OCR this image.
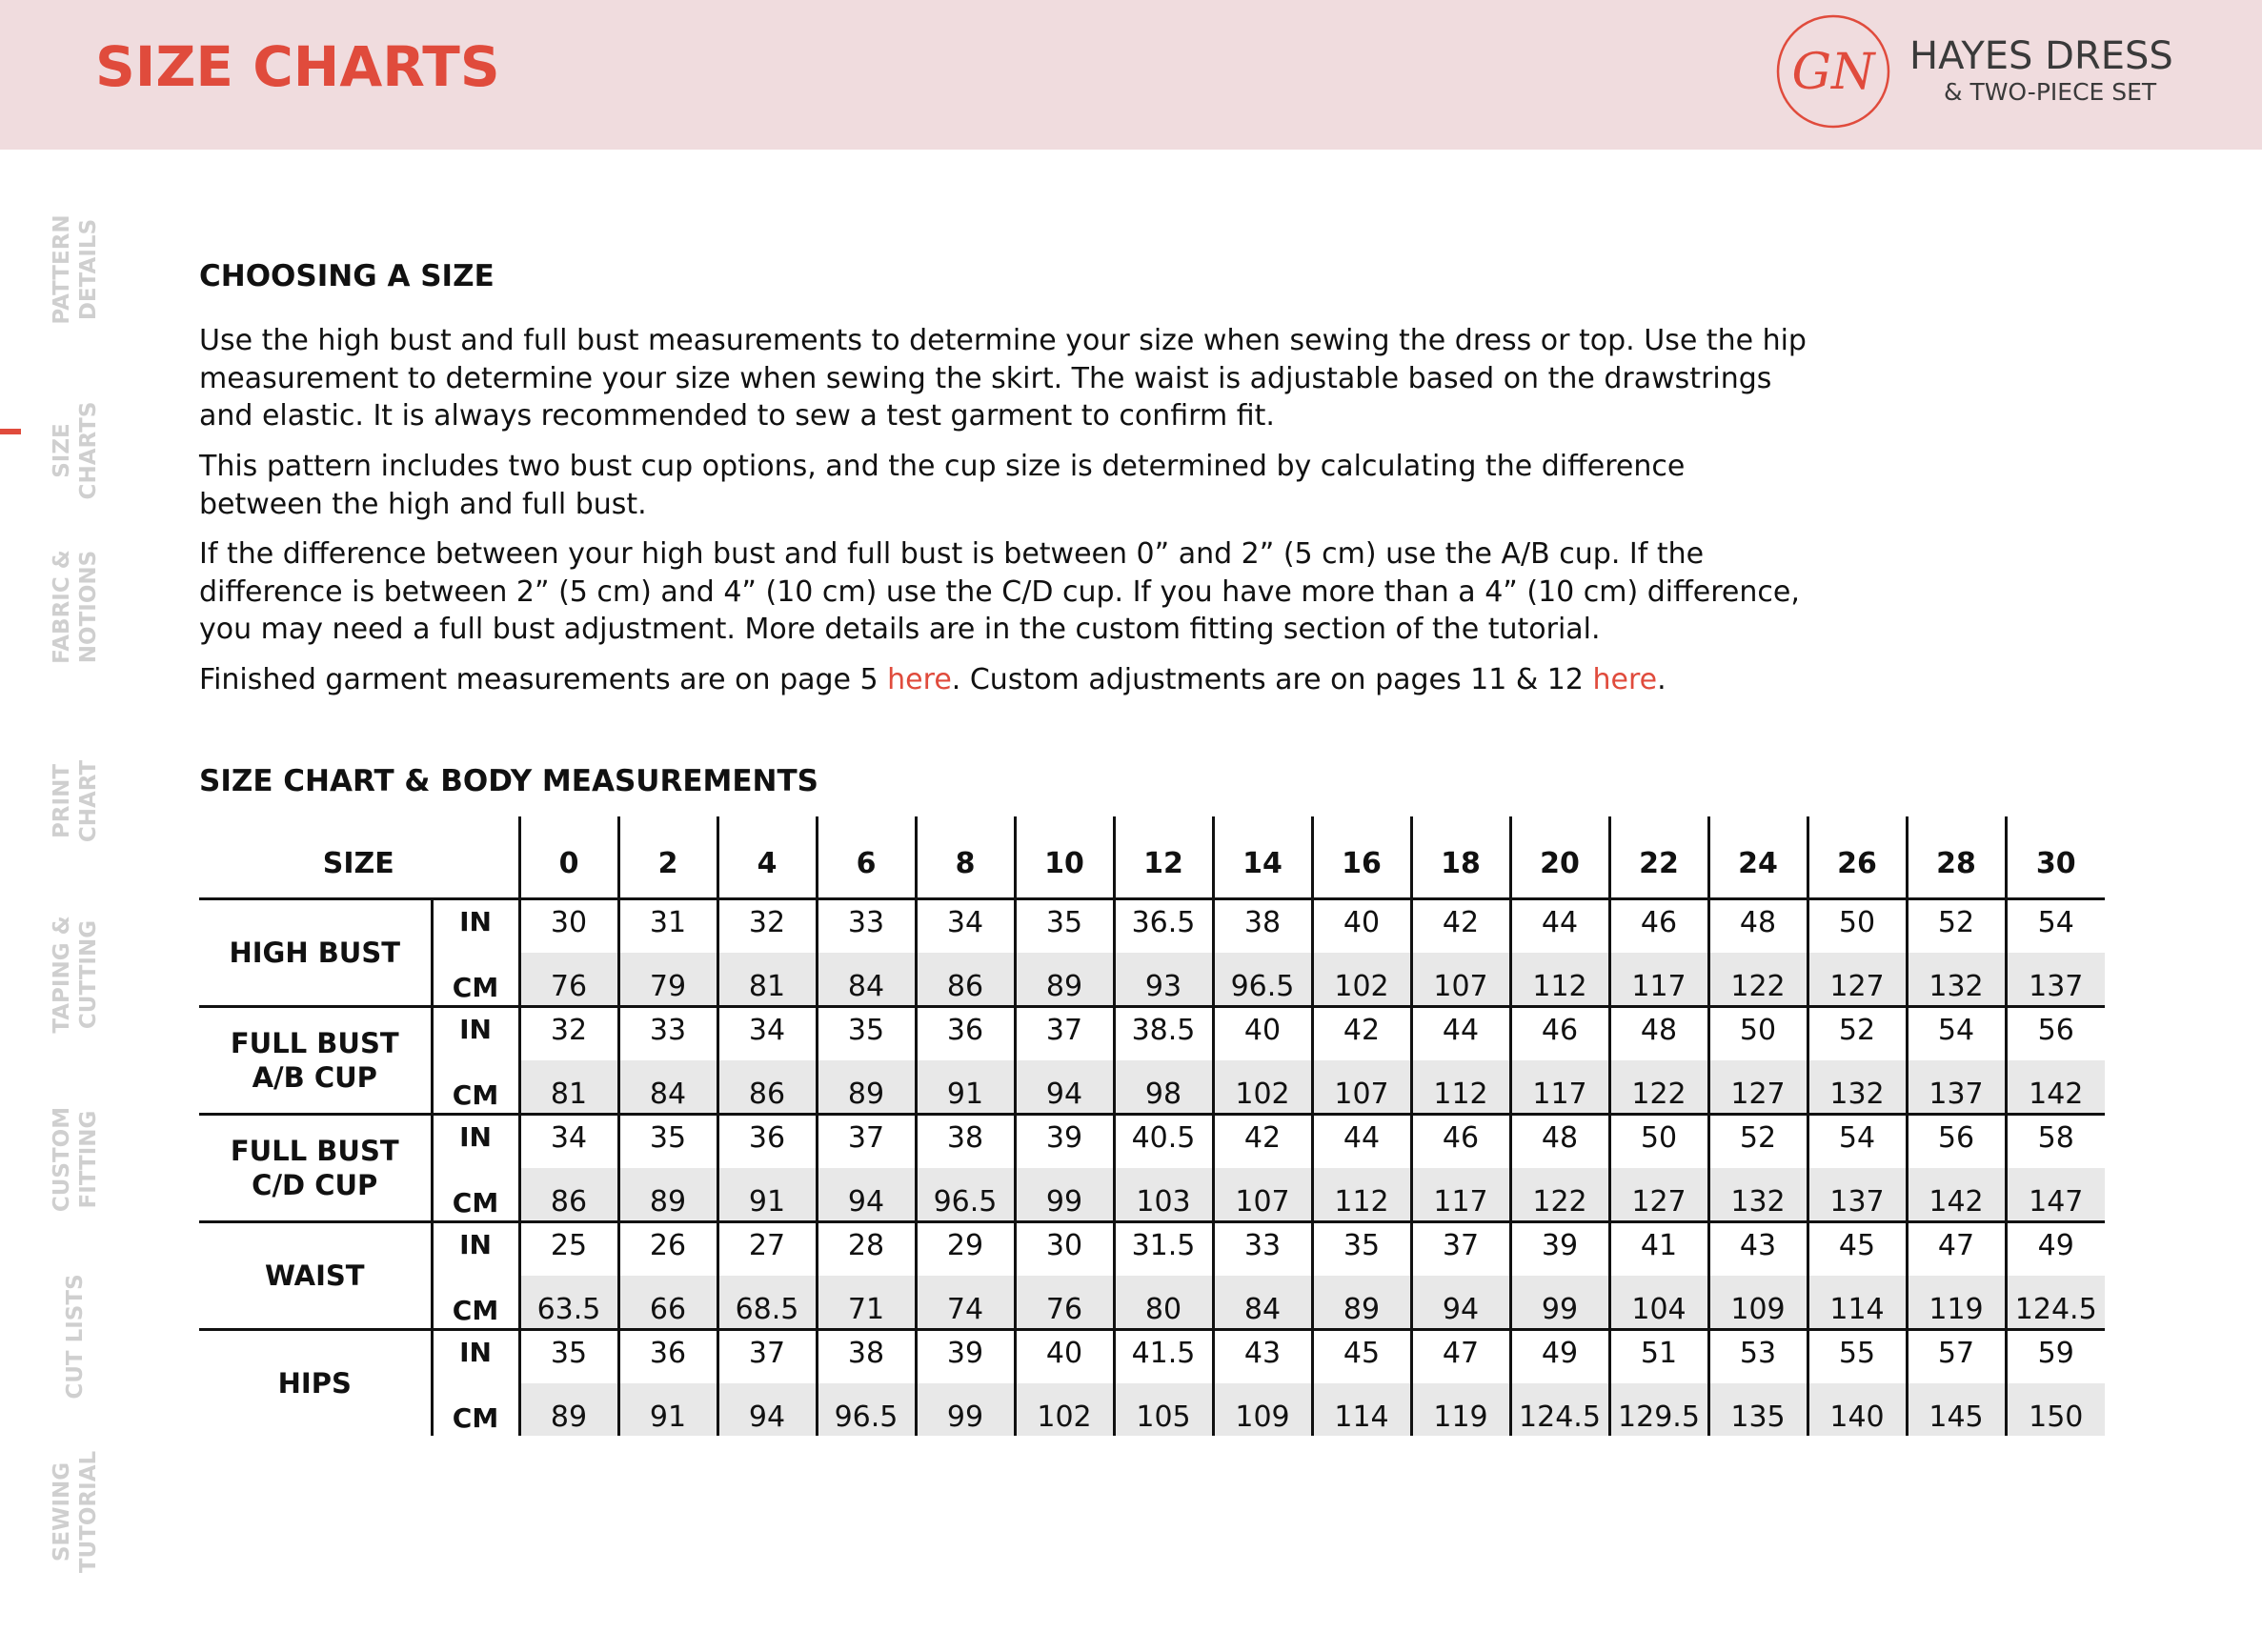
SIZE CHARTS	GN HAYES DRESS
& TWO-PIECE SET
PATTERN DETAILS
SIZE CHARTS
FABRIC & NOTIONS
PRINT CHART
TAPING & CUTTING
CUSTOM FITTING
CUT LISTS
SEWING TUTORIAL
CHOOSING A SIZE

Use the high bust and full bust measurements to determine your size when sewing the dress or top. Use the hip measurement to determine your size when sewing the skirt. The waist is adjustable based on the drawstrings and elastic. It is always recommended to sew a test garment to confirm fit.

This pattern includes two bust cup options, and the cup size is determined by calculating the difference between the high and full bust.

If the difference between your high bust and full bust is between 0” and 2” (5 cm) use the A/B cup. If the difference is between 2” (5 cm) and 4” (10 cm) use the C/D cup. If you have more than a 4” (10 cm) difference, you may need a full bust adjustment. More details are in the custom fitting section of the tutorial.

Finished garment measurements are on page 5 here. Custom adjustments are on pages 11 & 12 here.

SIZE CHART & BODY MEASUREMENTS
SIZE		0	2	4	6	8	10	12	14	16	18	20	22	24	26	28	30

HIGH BUST	IN	30	31	32	33	34	35	36.5	38	40	42	44	46	48	50	52	54
	CM	76	79	81	84	86	89	93	96.5	102	107	112	117	122	127	132	137

FULL BUST
A/B CUP	IN	32	33	34	35	36	37	38.5	40	42	44	46	48	50	52	54	56
	CM	81	84	86	89	91	94	98	102	107	112	117	122	127	132	137	142

FULL BUST
C/D CUP	IN	34	35	36	37	38	39	40.5	42	44	46	48	50	52	54	56	58
	CM	86	89	91	94	96.5	99	103	107	112	117	122	127	132	137	142	147

WAIST	IN	25	26	27	28	29	30	31.5	33	35	37	39	41	43	45	47	49
	CM	63.5	66	68.5	71	74	76	80	84	89	94	99	104	109	114	119	124.5

HIPS	IN	35	36	37	38	39	40	41.5	43	45	47	49	51	53	55	57	59
	CM	89	91	94	96.5	99	102	105	109	114	119	124.5	129.5	135	140	145	150
